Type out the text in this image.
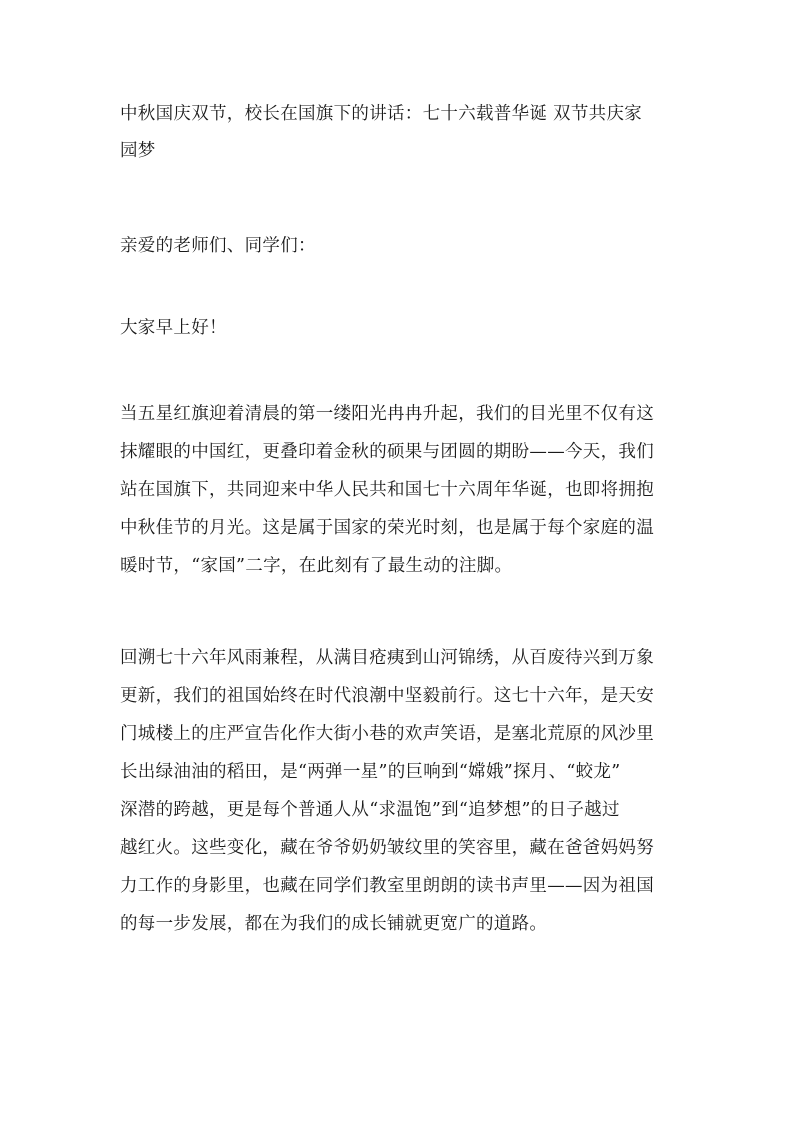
中秋国庆双节，校长在国旗下的讲话：七十六载普华诞 双节共庆家
园梦
亲爱的老师们、同学们：
大家早上好！
当五星红旗迎着清晨的第一缕阳光冉冉升起，我们的目光里不仅有这
抹耀眼的中国红，更叠印着金秋的硕果与团圆的期盼——今天，我们
站在国旗下，共同迎来中华人民共和国七十六周年华诞，也即将拥抱
中秋佳节的月光。这是属于国家的荣光时刻，也是属于每个家庭的温
暖时节，“家国”二字，在此刻有了最生动的注脚。
回溯七十六年风雨兼程，从满目疮痍到山河锦绣，从百废待兴到万象
更新，我们的祖国始终在时代浪潮中坚毅前行。这七十六年，是天安
门城楼上的庄严宣告化作大街小巷的欢声笑语，是塞北荒原的风沙里
长出绿油油的稻田，是“两弹一星”的巨响到“嫦娥”探月、“蛟龙”
深潜的跨越，更是每个普通人从“求温饱”到“追梦想”的日子越过
越红火。这些变化，藏在爷爷奶奶皱纹里的笑容里，藏在爸爸妈妈努
力工作的身影里，也藏在同学们教室里朗朗的读书声里——因为祖国
的每一步发展，都在为我们的成长铺就更宽广的道路。
